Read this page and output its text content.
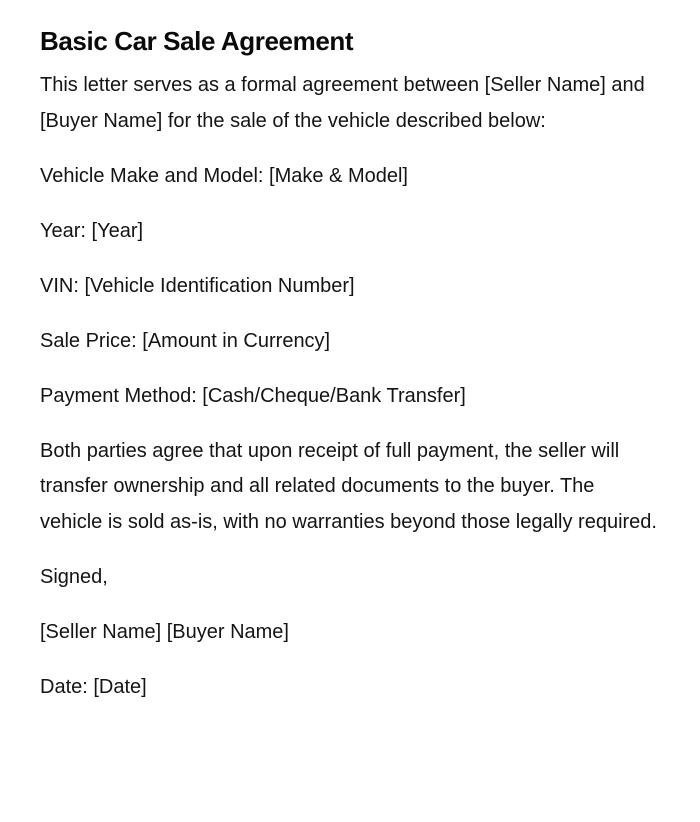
Basic Car Sale Agreement

This letter serves as a formal agreement between [Seller Name] and [Buyer Name] for the sale of the vehicle described below:

Vehicle Make and Model: [Make & Model]

Year: [Year]

VIN: [Vehicle Identification Number]

Sale Price: [Amount in Currency]

Payment Method: [Cash/Cheque/Bank Transfer]

Both parties agree that upon receipt of full payment, the seller will transfer ownership and all related documents to the buyer. The vehicle is sold as-is, with no warranties beyond those legally required.

Signed,

[Seller Name] [Buyer Name]

Date: [Date]
